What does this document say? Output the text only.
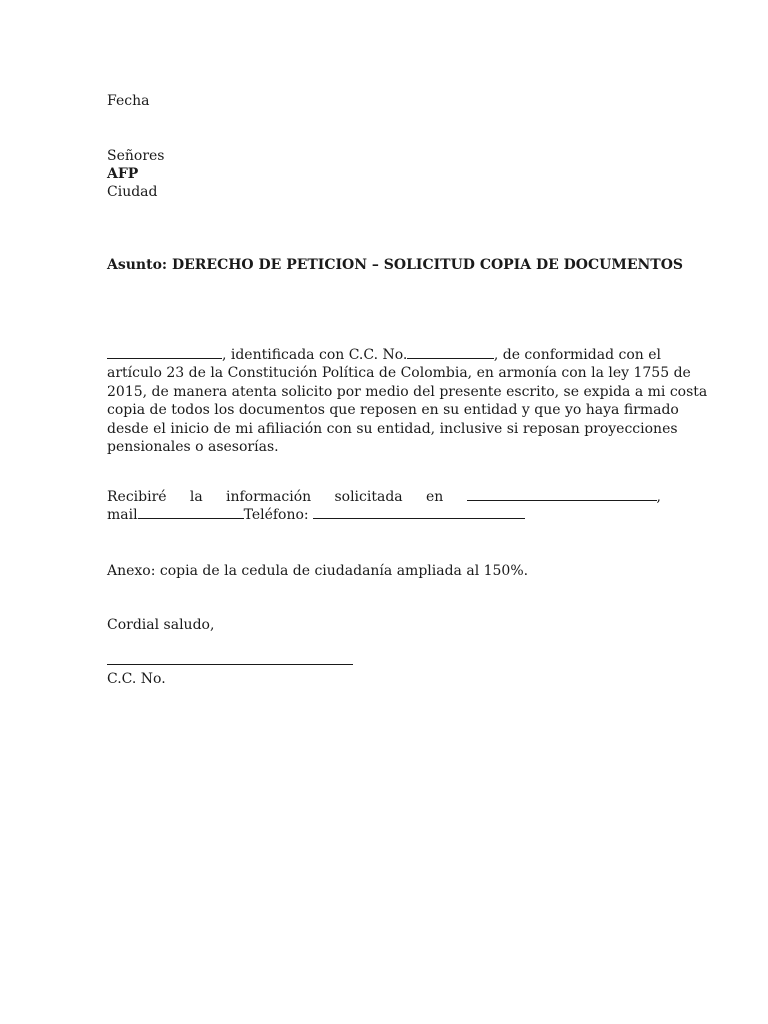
Fecha
Señores
AFP
Ciudad
Asunto: DERECHO DE PETICION – SOLICITUD COPIA DE DOCUMENTOS
, identificada con C.C. No.	, de conformidad con el
artículo 23 de la Constitución Política de Colombia, en armonía con la ley 1755 de
2015, de manera atenta solicito por medio del presente escrito, se expida a mi costa
copia de todos los documentos que reposen en su entidad y que yo haya firmado
desde el inicio de mi afiliación con su entidad, inclusive si reposan proyecciones
pensionales o asesorías.
Recibiré la información solicitada en	,
mail	Teléfono:
Anexo: copia de la cedula de ciudadanía ampliada al 150%.
Cordial saludo,
C.C. No.
